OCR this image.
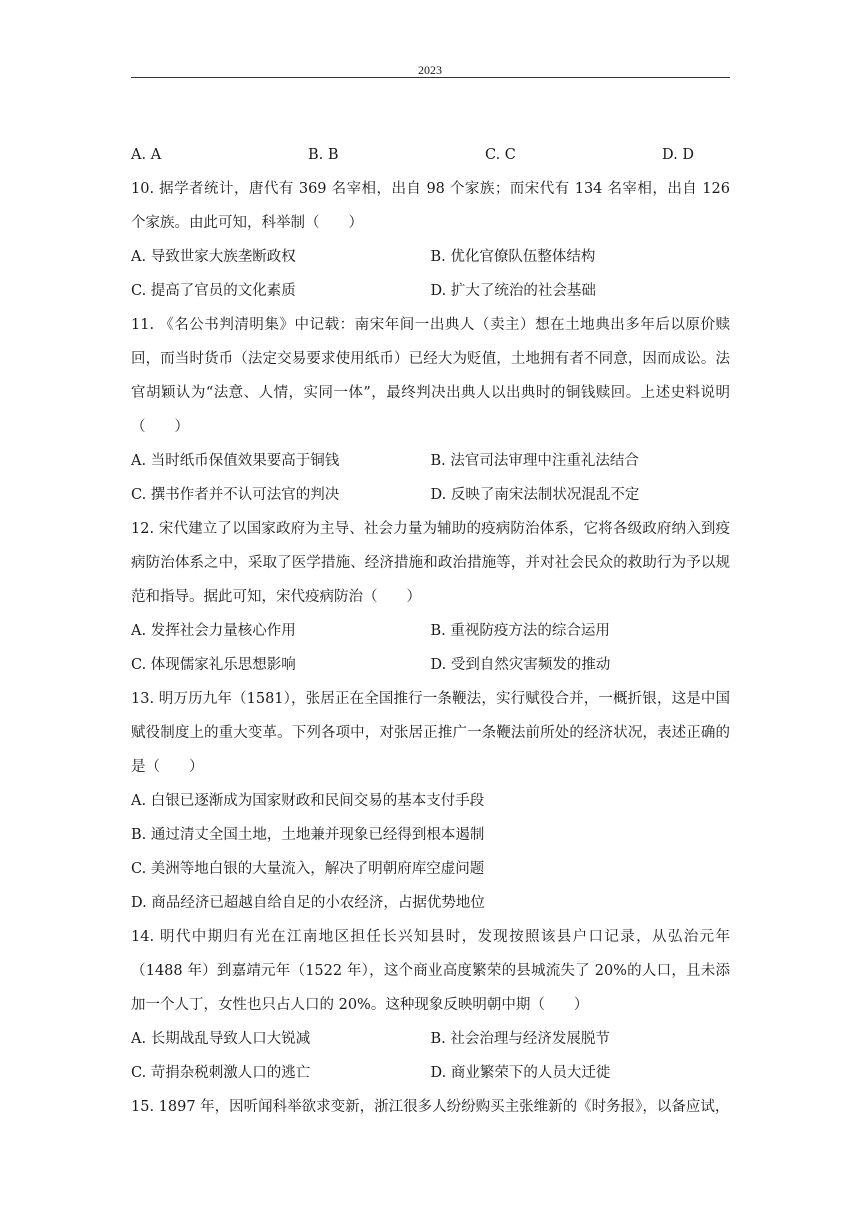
2023
A. A	B. B	C. C	D. D
10. 据学者统计，唐代有 369 名宰相，出自 98 个家族；而宋代有 134 名宰相，出自 126 个家族。由此可知，科举制（　　）
A. 导致世家大族垄断政权	B. 优化官僚队伍整体结构
C. 提高了官员的文化素质	D. 扩大了统治的社会基础
11. 《名公书判清明集》中记载：南宋年间一出典人（卖主）想在土地典出多年后以原价赎回，而当时货币（法定交易要求使用纸币）已经大为贬值，土地拥有者不同意，因而成讼。法官胡颖认为“法意、人情，实同一体”，最终判决出典人以出典时的铜钱赎回。上述史料说明（　　）
A. 当时纸币保值效果要高于铜钱	B. 法官司法审理中注重礼法结合
C. 撰书作者并不认可法官的判决	D. 反映了南宋法制状况混乱不定
12. 宋代建立了以国家政府为主导、社会力量为辅助的疫病防治体系，它将各级政府纳入到疫病防治体系之中，采取了医学措施、经济措施和政治措施等，并对社会民众的救助行为予以规范和指导。据此可知，宋代疫病防治（　　）
A. 发挥社会力量核心作用	B. 重视防疫方法的综合运用
C. 体现儒家礼乐思想影响	D. 受到自然灾害频发的推动
13. 明万历九年（1581），张居正在全国推行一条鞭法，实行赋役合并，一概折银，这是中国赋役制度上的重大变革。下列各项中，对张居正推广一条鞭法前所处的经济状况，表述正确的是（　　）
A. 白银已逐渐成为国家财政和民间交易的基本支付手段
B. 通过清丈全国土地，土地兼并现象已经得到根本遏制
C. 美洲等地白银的大量流入，解决了明朝府库空虚问题
D. 商品经济已超越自给自足的小农经济，占据优势地位
14. 明代中期归有光在江南地区担任长兴知县时，发现按照该县户口记录，从弘治元年（1488 年）到嘉靖元年（1522 年），这个商业高度繁荣的县城流失了 20%的人口，且未添加一个人丁，女性也只占人口的 20%。这种现象反映明朝中期（　　）
A. 长期战乱导致人口大锐减	B. 社会治理与经济发展脱节
C. 苛捐杂税刺激人口的逃亡	D. 商业繁荣下的人员大迁徙
15. 1897 年，因听闻科举欲求变新，浙江很多人纷纷购买主张维新的《时务报》，以备应试，
